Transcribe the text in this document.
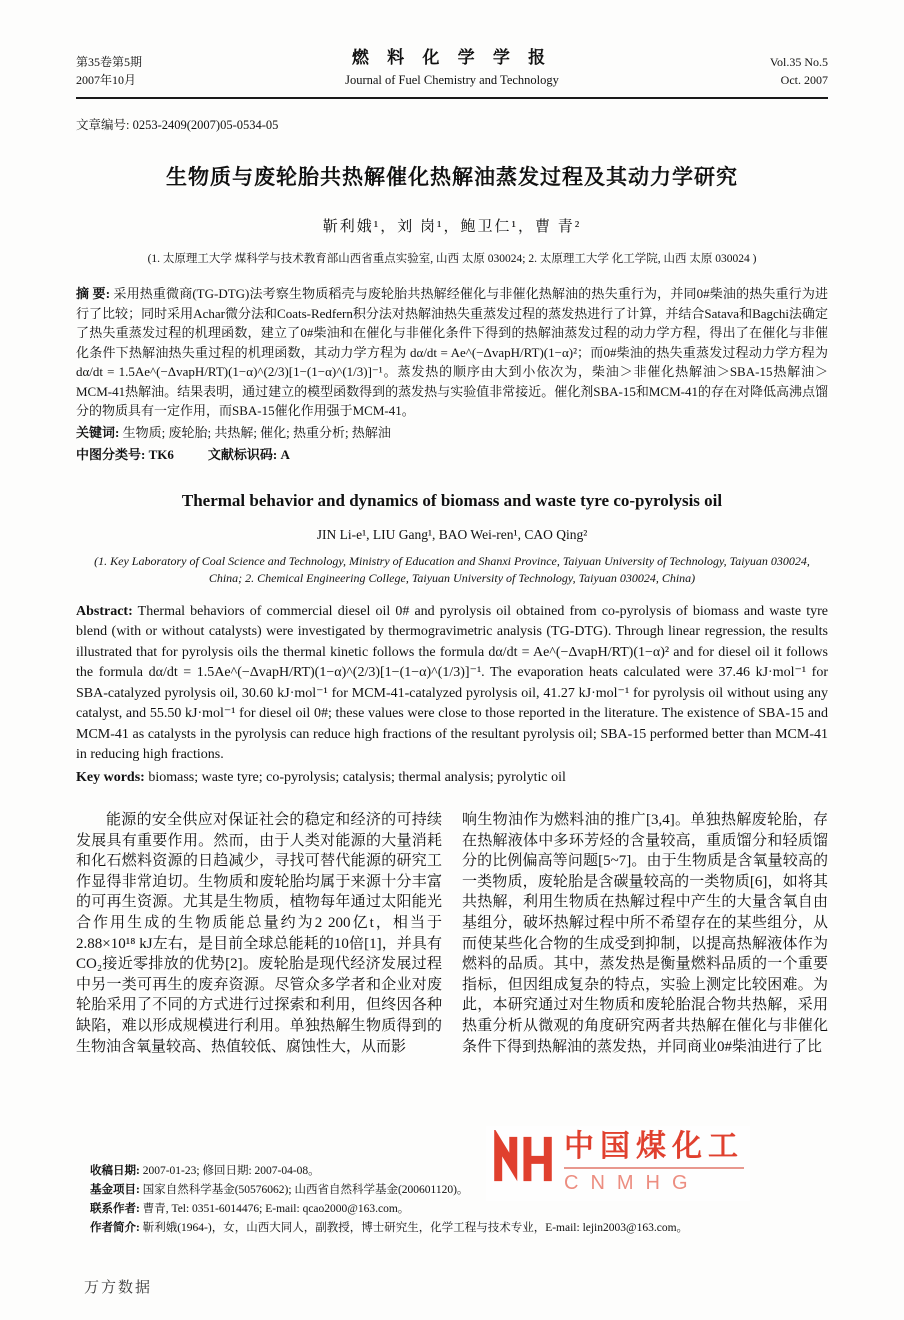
第35卷第5期
2007年10月
燃 料 化 学 学 报
Journal of Fuel Chemistry and Technology
Vol.35 No.5
Oct. 2007
文章编号: 0253-2409(2007)05-0534-05
生物质与废轮胎共热解催化热解油蒸发过程及其动力学研究
靳利娥¹，刘 岗¹，鲍卫仁¹，曹 青²
(1. 太原理工大学 煤科学与技术教育部山西省重点实验室, 山西 太原 030024; 2. 太原理工大学 化工学院, 山西 太原 030024 )

摘 要: 采用热重微商(TG-DTG)法考察生物质稻壳与废轮胎共热解经催化与非催化热解油的热失重行为，并同0#柴油的热失重行为进行了比较；同时采用Achar微分法和Coats-Redfern积分法对热解油热失重蒸发过程的蒸发热进行了计算，并结合Satava和Bagchi法确定了热失重蒸发过程的机理函数，建立了0#柴油和在催化与非催化条件下得到的热解油蒸发过程的动力学方程，得出了在催化与非催化条件下热解油热失重过程的机理函数，其动力学方程为 dα/dt = Ae^(−ΔvapH/RT)(1−α)²；而0#柴油的热失重蒸发过程动力学方程为 dα/dt = 1.5Ae^(−ΔvapH/RT)(1−α)^(2/3)[1−(1−α)^(1/3)]⁻¹。蒸发热的顺序由大到小依次为，柴油＞非催化热解油＞SBA-15热解油＞MCM-41热解油。结果表明，通过建立的模型函数得到的蒸发热与实验值非常接近。催化剂SBA-15和MCM-41的存在对降低高沸点馏分的物质具有一定作用，而SBA-15催化作用强于MCM-41。

关键词: 生物质; 废轮胎; 共热解; 催化; 热重分析; 热解油

中图分类号: TK6	文献标识码: A

Thermal behavior and dynamics of biomass and waste tyre co-pyrolysis oil
JIN Li-e¹, LIU Gang¹, BAO Wei-ren¹, CAO Qing²
(1. Key Laboratory of Coal Science and Technology, Ministry of Education and Shanxi Province, Taiyuan University of Technology, Taiyuan 030024, China; 2. Chemical Engineering College, Taiyuan University of Technology, Taiyuan 030024, China)

Abstract: Thermal behaviors of commercial diesel oil 0# and pyrolysis oil obtained from co-pyrolysis of biomass and waste tyre blend (with or without catalysts) were investigated by thermogravimetric analysis (TG-DTG). Through linear regression, the results illustrated that for pyrolysis oils the thermal kinetic follows the formula dα/dt = Ae^(−ΔvapH/RT)(1−α)² and for diesel oil it follows the formula dα/dt = 1.5Ae^(−ΔvapH/RT)(1−α)^(2/3)[1−(1−α)^(1/3)]⁻¹. The evaporation heats calculated were 37.46 kJ·mol⁻¹ for SBA-catalyzed pyrolysis oil, 30.60 kJ·mol⁻¹ for MCM-41-catalyzed pyrolysis oil, 41.27 kJ·mol⁻¹ for pyrolysis oil without using any catalyst, and 55.50 kJ·mol⁻¹ for diesel oil 0#; these values were close to those reported in the literature. The existence of SBA-15 and MCM-41 as catalysts in the pyrolysis can reduce high fractions of the resultant pyrolysis oil; SBA-15 performed better than MCM-41 in reducing high fractions.

Key words: biomass; waste tyre; co-pyrolysis; catalysis; thermal analysis; pyrolytic oil

能源的安全供应对保证社会的稳定和经济的可持续发展具有重要作用。然而，由于人类对能源的大量消耗和化石燃料资源的日趋减少，寻找可替代能源的研究工作显得非常迫切。生物质和废轮胎均属于来源十分丰富的可再生资源。尤其是生物质，植物每年通过太阳能光合作用生成的生物质能总量约为2 200亿t，相当于2.88×10¹⁸ kJ左右，是目前全球总能耗的10倍[1]，并具有CO₂接近零排放的优势[2]。废轮胎是现代经济发展过程中另一类可再生的废弃资源。尽管众多学者和企业对废轮胎采用了不同的方式进行过探索和利用，但终因各种缺陷，难以形成规模进行利用。单独热解生物质得到的生物油含氧量较高、热值较低、腐蚀性大，从而影

响生物油作为燃料油的推广[3,4]。单独热解废轮胎，存在热解液体中多环芳烃的含量较高，重质馏分和轻质馏分的比例偏高等问题[5~7]。由于生物质是含氧量较高的一类物质，废轮胎是含碳量较高的一类物质[6]，如将其共热解，利用生物质在热解过程中产生的大量含氧自由基组分，破坏热解过程中所不希望存在的某些组分，从而使某些化合物的生成受到抑制，以提高热解液体作为燃料的品质。其中，蒸发热是衡量燃料品质的一个重要指标，但因组成复杂的特点，实验上测定比较困难。为此，本研究通过对生物质和废轮胎混合物共热解，采用热重分析从微观的角度研究两者共热解在催化与非催化条件下得到热解油的蒸发热，并同商业0#柴油进行了比

收稿日期: 2007-01-23; 修回日期: 2007-04-08。

基金项目: 国家自然科学基金(50576062); 山西省自然科学基金(200601120)。

联系作者: 曹青, Tel: 0351-6014476; E-mail: qcao2000@163.com。

作者简介: 靳利娥(1964-)，女，山西大同人，副教授，博士研究生，化学工程与技术专业，E-mail: lejin2003@163.com。

中国煤化工
CNMHG
万方数据
